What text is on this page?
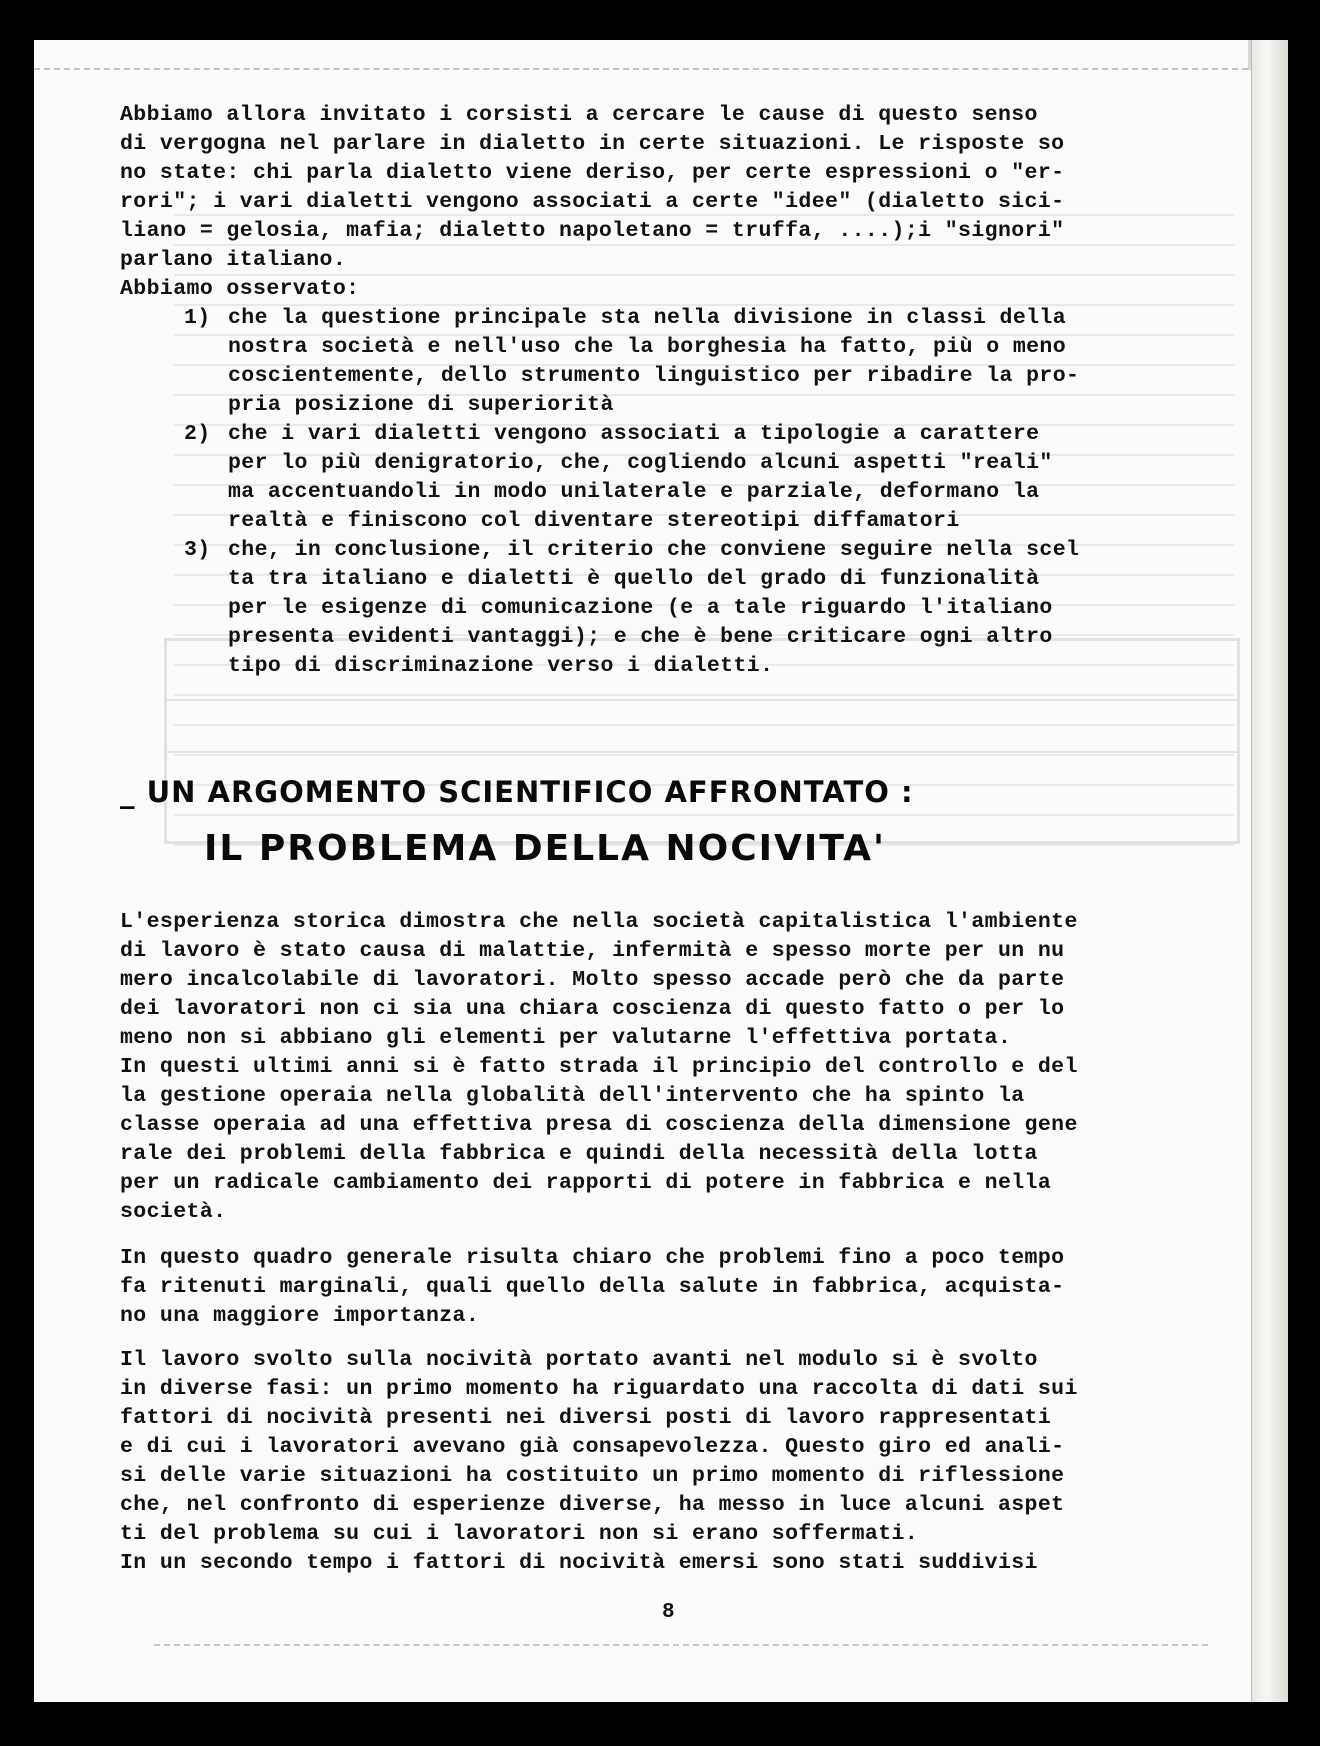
Abbiamo allora invitato i corsisti a cercare le cause di questo senso
di vergogna nel parlare in dialetto in certe situazioni. Le risposte so
no state: chi parla dialetto viene deriso, per certe espressioni o "er-
rori"; i vari dialetti vengono associati a certe "idee" (dialetto sici-
liano = gelosia, mafia; dialetto napoletano = truffa, ....);i "signori"
parlano italiano.
Abbiamo osservato:
1) che la questione principale sta nella divisione in classi della
nostra società e nell'uso che la borghesia ha fatto, più o meno
coscientemente, dello strumento linguistico per ribadire la pro-
pria posizione di superiorità
2) che i vari dialetti vengono associati a tipologie a carattere
per lo più denigratorio, che, cogliendo alcuni aspetti "reali"
ma accentuandoli in modo unilaterale e parziale, deformano la
realtà e finiscono col diventare stereotipi diffamatori
3) che, in conclusione, il criterio che conviene seguire nella scel
ta tra italiano e dialetti è quello del grado di funzionalità
per le esigenze di comunicazione (e a tale riguardo l'italiano
presenta evidenti vantaggi); e che è bene criticare ogni altro
tipo di discriminazione verso i dialetti.
_ UN ARGOMENTO SCIENTIFICO AFFRONTATO :
IL PROBLEMA DELLA NOCIVITA'
L'esperienza storica dimostra che nella società capitalistica l'ambiente
di lavoro è stato causa di malattie, infermità e spesso morte per un nu
mero incalcolabile di lavoratori. Molto spesso accade però che da parte
dei lavoratori non ci sia una chiara coscienza di questo fatto o per lo
meno non si abbiano gli elementi per valutarne l'effettiva portata.
In questi ultimi anni si è fatto strada il principio del controllo e del
la gestione operaia nella globalità dell'intervento che ha spinto la
classe operaia ad una effettiva presa di coscienza della dimensione gene
rale dei problemi della fabbrica e quindi della necessità della lotta
per un radicale cambiamento dei rapporti di potere in fabbrica e nella
società.
In questo quadro generale risulta chiaro che problemi fino a poco tempo
fa ritenuti marginali, quali quello della salute in fabbrica, acquista-
no una maggiore importanza.
Il lavoro svolto sulla nocività portato avanti nel modulo si è svolto
in diverse fasi: un primo momento ha riguardato una raccolta di dati sui
fattori di nocività presenti nei diversi posti di lavoro rappresentati
e di cui i lavoratori avevano già consapevolezza. Questo giro ed anali-
si delle varie situazioni ha costituito un primo momento di riflessione
che, nel confronto di esperienze diverse, ha messo in luce alcuni aspet
ti del problema su cui i lavoratori non si erano soffermati.
In un secondo tempo i fattori di nocività emersi sono stati suddivisi
8
